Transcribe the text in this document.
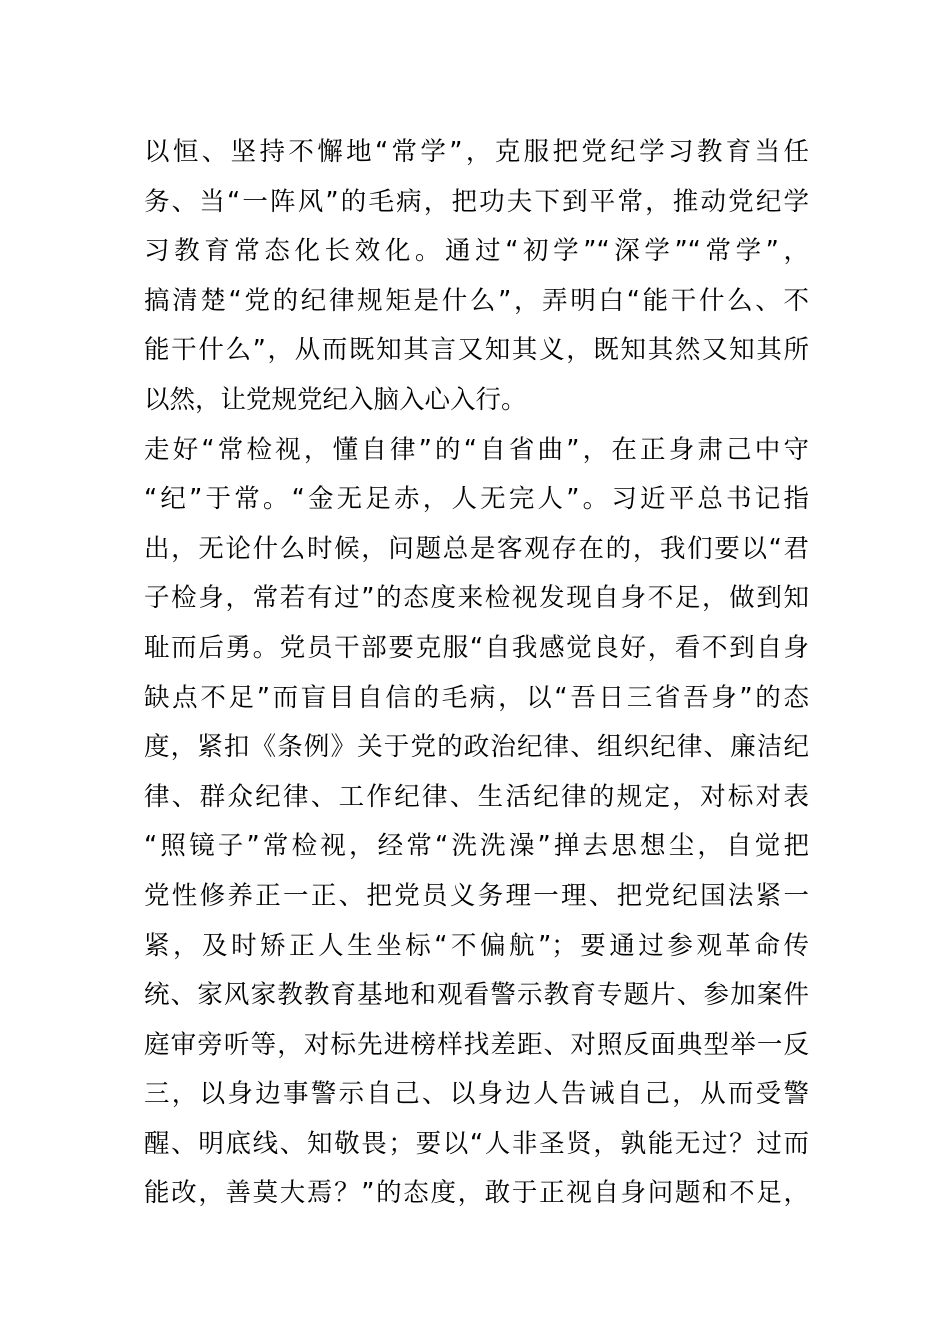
以恒、坚持不懈地“常学”，克服把党纪学习教育当任
务、当“一阵风”的毛病，把功夫下到平常，推动党纪学
习教育常态化长效化。通过“初学”“深学”“常学”，
搞清楚“党的纪律规矩是什么”，弄明白“能干什么、不
能干什么”，从而既知其言又知其义，既知其然又知其所
以然，让党规党纪入脑入心入行。
走好“常检视，懂自律”的“自省曲”，在正身肃己中守
“纪”于常。“金无足赤，人无完人”。习近平总书记指
出，无论什么时候，问题总是客观存在的，我们要以“君
子检身，常若有过”的态度来检视发现自身不足，做到知
耻而后勇。党员干部要克服“自我感觉良好，看不到自身
缺点不足”而盲目自信的毛病，以“吾日三省吾身”的态
度，紧扣《条例》关于党的政治纪律、组织纪律、廉洁纪
律、群众纪律、工作纪律、生活纪律的规定，对标对表
“照镜子”常检视，经常“洗洗澡”掸去思想尘，自觉把
党性修养正一正、把党员义务理一理、把党纪国法紧一
紧，及时矫正人生坐标“不偏航”；要通过参观革命传
统、家风家教教育基地和观看警示教育专题片、参加案件
庭审旁听等，对标先进榜样找差距、对照反面典型举一反
三，以身边事警示自己、以身边人告诫自己，从而受警
醒、明底线、知敬畏；要以“人非圣贤，孰能无过？过而
能改，善莫大焉？”的态度，敢于正视自身问题和不足，
